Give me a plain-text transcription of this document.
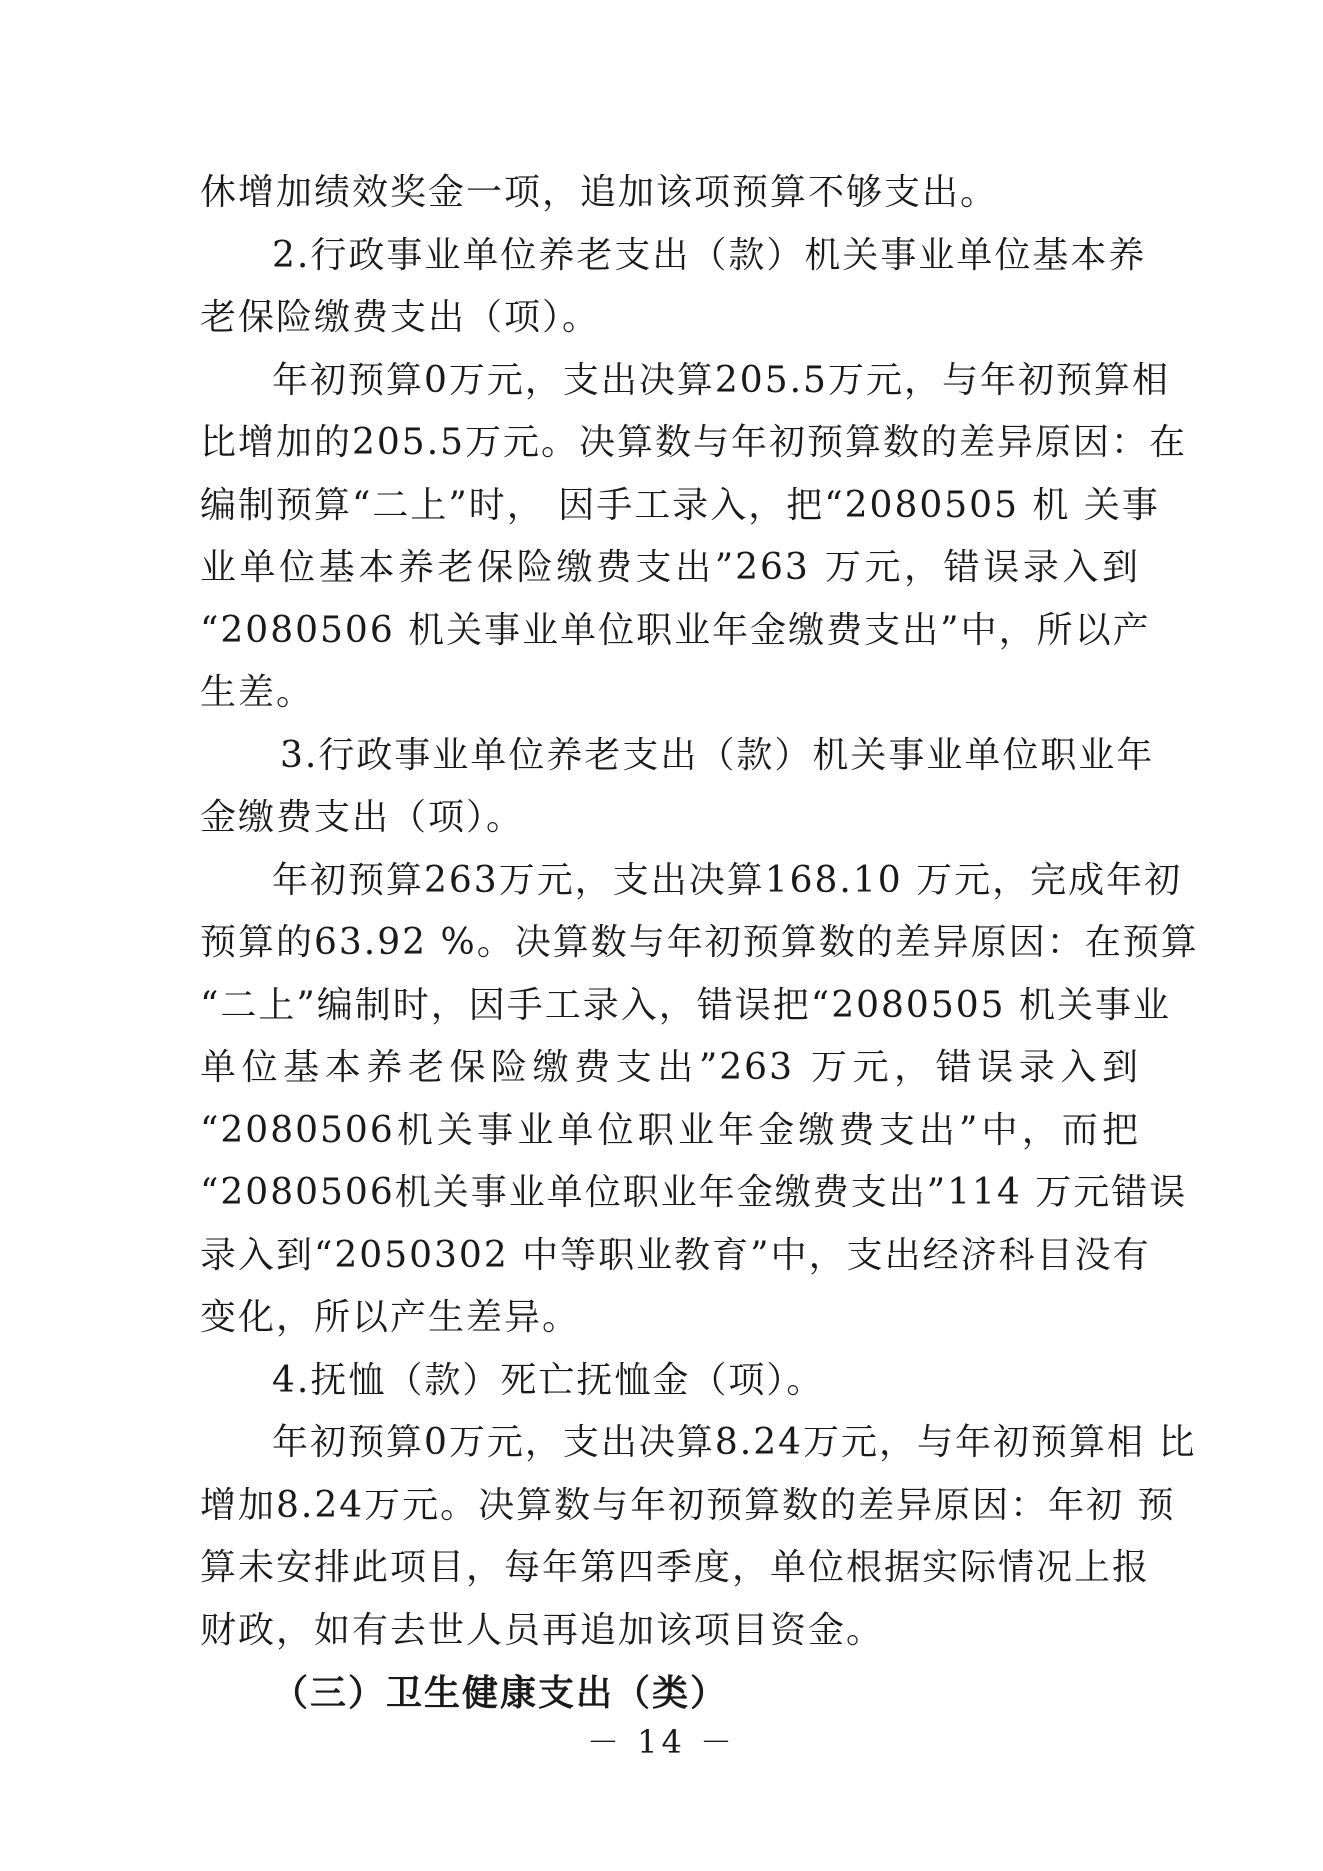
休增加绩效奖金一项，追加该项预算不够支出。
2.行政事业单位养老支出（款）机关事业单位基本养
老保险缴费支出（项）。
年初预算0万元，支出决算205.5万元，与年初预算相
比增加的205.5万元。决算数与年初预算数的差异原因：在
编制预算“二上”时， 因手工录入，把“2080505 机 关事
业单位基本养老保险缴费支出”263 万元，错误录入到
“2080506 机关事业单位职业年金缴费支出”中，所以产
生差。
3.行政事业单位养老支出（款）机关事业单位职业年
金缴费支出（项）。
年初预算263万元，支出决算168.10 万元，完成年初
预算的63.92 %。决算数与年初预算数的差异原因：在预算
“二上”编制时，因手工录入，错误把“2080505 机关事业
单位基本养老保险缴费支出”263 万元，错误录入到
“2080506机关事业单位职业年金缴费支出”中，而把
“2080506机关事业单位职业年金缴费支出”114 万元错误
录入到“2050302 中等职业教育”中，支出经济科目没有
变化，所以产生差异。
4.抚恤（款）死亡抚恤金（项）。
年初预算0万元，支出决算8.24万元，与年初预算相 比
增加8.24万元。决算数与年初预算数的差异原因：年初 预
算未安排此项目，每年第四季度，单位根据实际情况上报
财政，如有去世人员再追加该项目资金。
（三）卫生健康支出（类）
－ 14 －
